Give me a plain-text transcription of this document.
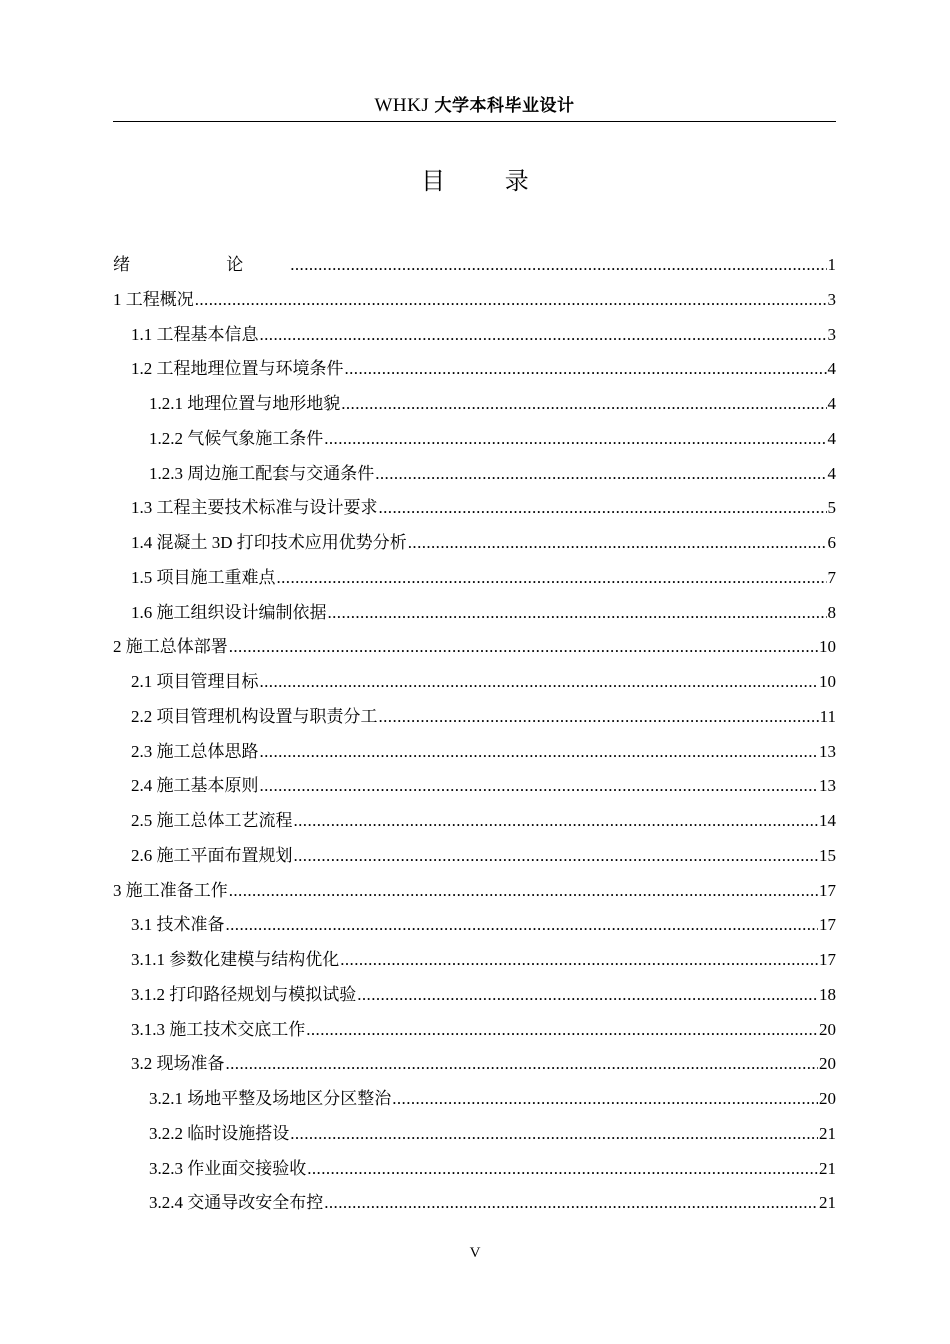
WHKJ 大学本科毕业设计
目 录
绪 论 .....	1
1 工程概况 .....	3
1.1 工程基本信息 .....	3
1.2 工程地理位置与环境条件 .....	4
1.2.1 地理位置与地形地貌 .....	4
1.2.2 气候气象施工条件 .....	4
1.2.3 周边施工配套与交通条件 .....	4
1.3 工程主要技术标准与设计要求 .....	5
1.4 混凝土 3D 打印技术应用优势分析 .....	6
1.5 项目施工重难点 .....	7
1.6 施工组织设计编制依据 .....	8
2 施工总体部署 .....	10
2.1 项目管理目标 .....	10
2.2 项目管理机构设置与职责分工 .....	11
2.3 施工总体思路 .....	13
2.4 施工基本原则 .....	13
2.5 施工总体工艺流程 .....	14
2.6 施工平面布置规划 .....	15
3 施工准备工作 .....	17
3.1 技术准备 .....	17
3.1.1 参数化建模与结构优化 .....	17
3.1.2 打印路径规划与模拟试验 .....	18
3.1.3 施工技术交底工作 .....	20
3.2 现场准备 .....	20
3.2.1 场地平整及场地区分区整治 .....	20
3.2.2 临时设施搭设 .....	21
3.2.3 作业面交接验收 .....	21
3.2.4 交通导改安全布控 .....	21
V
